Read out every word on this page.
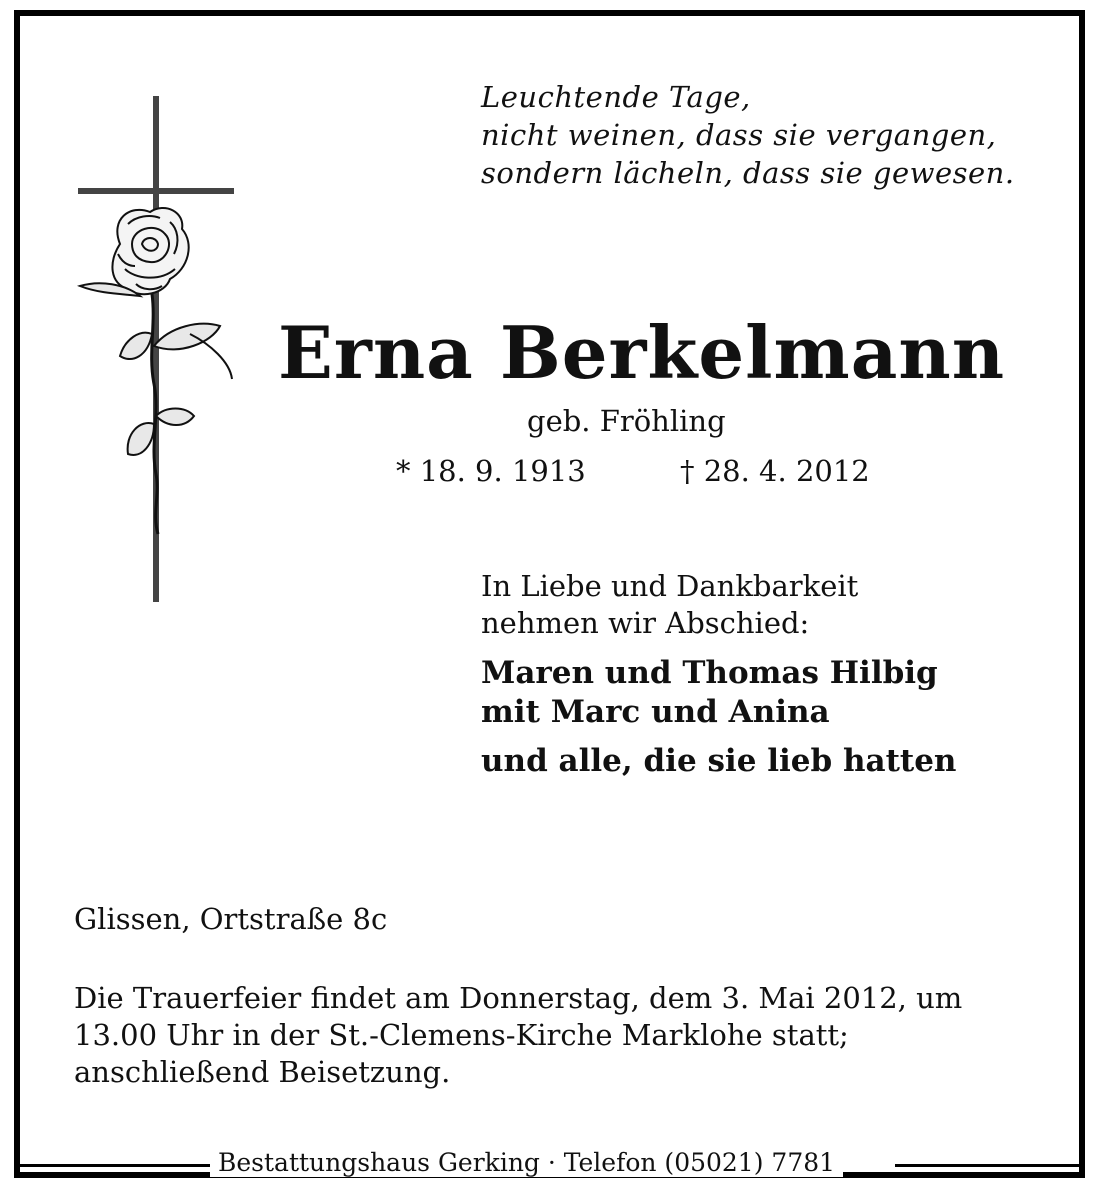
Leuchtende Tage,
nicht weinen, dass sie vergangen,
sondern lächeln, dass sie gewesen.
Erna Berkelmann
geb. Fröhling
* 18. 9. 1913	† 28. 4. 2012
In Liebe und Dankbarkeit
nehmen wir Abschied:
Maren und Thomas Hilbig
mit Marc und Anina
und alle, die sie lieb hatten
Glissen, Ortstraße 8c
Die Trauerfeier findet am Donnerstag, dem 3. Mai 2012, um
13.00 Uhr in der St.-Clemens-Kirche Marklohe statt;
anschließend Beisetzung.
Bestattungshaus Gerking · Telefon (05021) 7781
